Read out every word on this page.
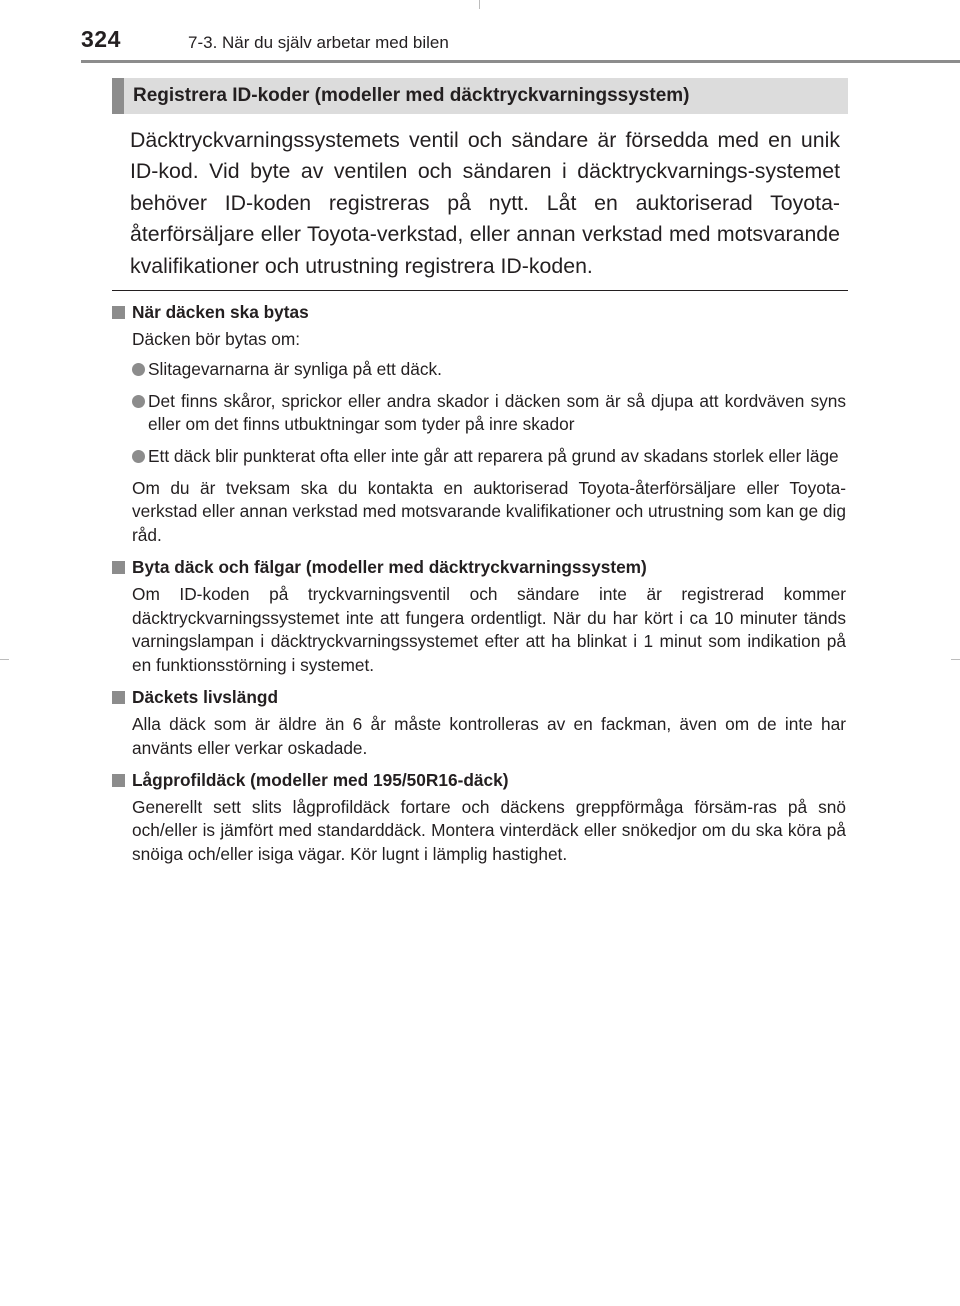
324	7-3. När du själv arbetar med bilen
Registrera ID-koder (modeller med däcktryckvarningssystem)

Däcktryckvarningssystemets ventil och sändare är försedda med en unik ID-kod. Vid byte av ventilen och sändaren i däcktryckvarnings-systemet behöver ID-koden registreras på nytt. Låt en auktoriserad Toyota-återförsäljare eller Toyota-verkstad, eller annan verkstad med motsvarande kvalifikationer och utrustning registrera ID-koden.

När däcken ska bytas
Däcken bör bytas om:
Slitagevarnarna är synliga på ett däck.
Det finns skåror, sprickor eller andra skador i däcken som är så djupa att kordväven syns eller om det finns utbuktningar som tyder på inre skador
Ett däck blir punkterat ofta eller inte går att reparera på grund av skadans storlek eller läge
Om du är tveksam ska du kontakta en auktoriserad Toyota-återförsäljare eller Toyota-verkstad eller annan verkstad med motsvarande kvalifikationer och utrustning som kan ge dig råd.
Byta däck och fälgar (modeller med däcktryckvarningssystem)
Om ID-koden på tryckvarningsventil och sändare inte är registrerad kommer däcktryckvarningssystemet inte att fungera ordentligt. När du har kört i ca 10 minuter tänds varningslampan i däcktryckvarningssystemet efter att ha blinkat i 1 minut som indikation på en funktionsstörning i systemet.
Däckets livslängd
Alla däck som är äldre än 6 år måste kontrolleras av en fackman, även om de inte har använts eller verkar oskadade.
Lågprofildäck (modeller med 195/50R16-däck)
Generellt sett slits lågprofildäck fortare och däckens greppförmåga försäm-ras på snö och/eller is jämfört med standarddäck. Montera vinterdäck eller snökedjor om du ska köra på snöiga och/eller isiga vägar. Kör lugnt i lämplig hastighet.
